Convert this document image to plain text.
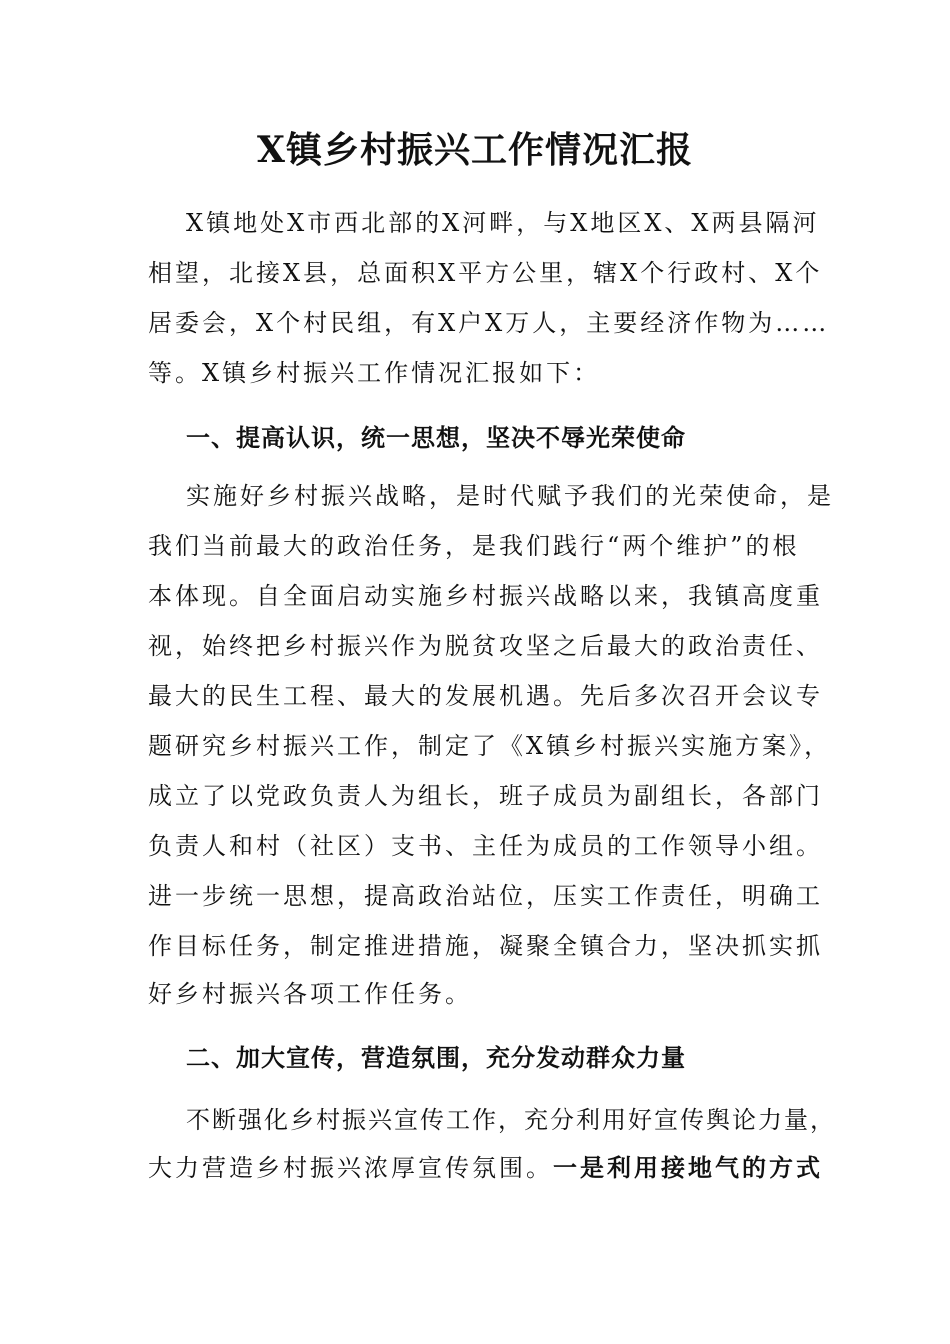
X镇乡村振兴工作情况汇报
X镇地处X市西北部的X河畔，与X地区X、X两县隔河
相望，北接X县，总面积X平方公里，辖X个行政村、X个
居委会，X个村民组，有X户X万人，主要经济作物为……
等。X镇乡村振兴工作情况汇报如下：
一、提高认识，统一思想，坚决不辱光荣使命
实施好乡村振兴战略，是时代赋予我们的光荣使命，是
我们当前最大的政治任务，是我们践行“两个维护”的根
本体现。自全面启动实施乡村振兴战略以来，我镇高度重
视，始终把乡村振兴作为脱贫攻坚之后最大的政治责任、
最大的民生工程、最大的发展机遇。先后多次召开会议专
题研究乡村振兴工作，制定了《X镇乡村振兴实施方案》，
成立了以党政负责人为组长，班子成员为副组长，各部门
负责人和村（社区）支书、主任为成员的工作领导小组。
进一步统一思想，提高政治站位，压实工作责任，明确工
作目标任务，制定推进措施，凝聚全镇合力，坚决抓实抓
好乡村振兴各项工作任务。
二、加大宣传，营造氛围，充分发动群众力量
不断强化乡村振兴宣传工作，充分利用好宣传舆论力量，
大力营造乡村振兴浓厚宣传氛围。一是利用接地气的方式
